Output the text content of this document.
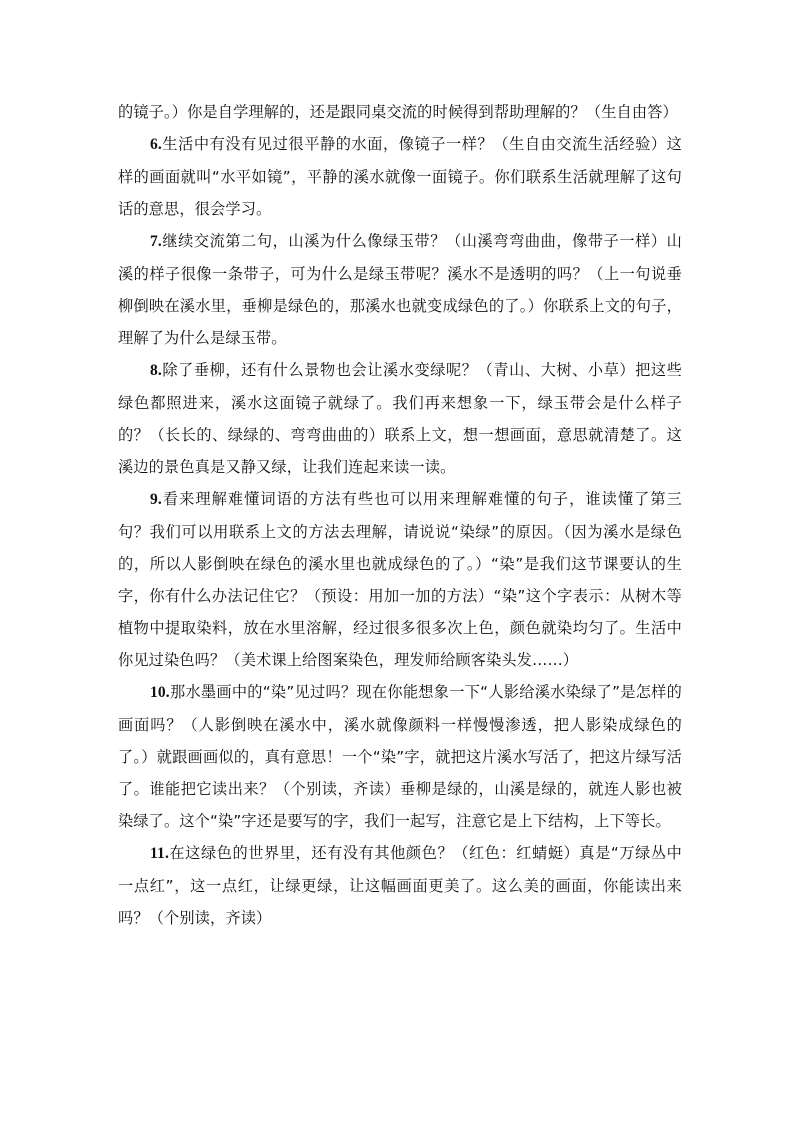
的镜子。）你是自学理解的，还是跟同桌交流的时候得到帮助理解的？（生自由答）

6.生活中有没有见过很平静的水面，像镜子一样？（生自由交流生活经验）这样的画面就叫“水平如镜”，平静的溪水就像一面镜子。你们联系生活就理解了这句话的意思，很会学习。

7.继续交流第二句，山溪为什么像绿玉带？（山溪弯弯曲曲，像带子一样）山溪的样子很像一条带子，可为什么是绿玉带呢？溪水不是透明的吗？（上一句说垂柳倒映在溪水里，垂柳是绿色的，那溪水也就变成绿色的了。）你联系上文的句子，理解了为什么是绿玉带。

8.除了垂柳，还有什么景物也会让溪水变绿呢？（青山、大树、小草）把这些绿色都照进来，溪水这面镜子就绿了。我们再来想象一下，绿玉带会是什么样子的？（长长的、绿绿的、弯弯曲曲的）联系上文，想一想画面，意思就清楚了。这溪边的景色真是又静又绿，让我们连起来读一读。

9.看来理解难懂词语的方法有些也可以用来理解难懂的句子，谁读懂了第三句？我们可以用联系上文的方法去理解，请说说“染绿”的原因。（因为溪水是绿色的，所以人影倒映在绿色的溪水里也就成绿色的了。）“染”是我们这节课要认的生字，你有什么办法记住它？（预设：用加一加的方法）“染”这个字表示：从树木等植物中提取染料，放在水里溶解，经过很多很多次上色，颜色就染均匀了。生活中你见过染色吗？（美术课上给图案染色，理发师给顾客染头发……）

10.那水墨画中的“染”见过吗？现在你能想象一下“人影给溪水染绿了”是怎样的画面吗？（人影倒映在溪水中，溪水就像颜料一样慢慢渗透，把人影染成绿色的了。）就跟画画似的，真有意思！一个“染”字，就把这片溪水写活了，把这片绿写活了。谁能把它读出来？（个别读，齐读）垂柳是绿的，山溪是绿的，就连人影也被染绿了。这个“染”字还是要写的字，我们一起写，注意它是上下结构，上下等长。

11.在这绿色的世界里，还有没有其他颜色？（红色：红蜻蜓）真是“万绿丛中一点红”，这一点红，让绿更绿，让这幅画面更美了。这么美的画面，你能读出来吗？（个别读，齐读）
